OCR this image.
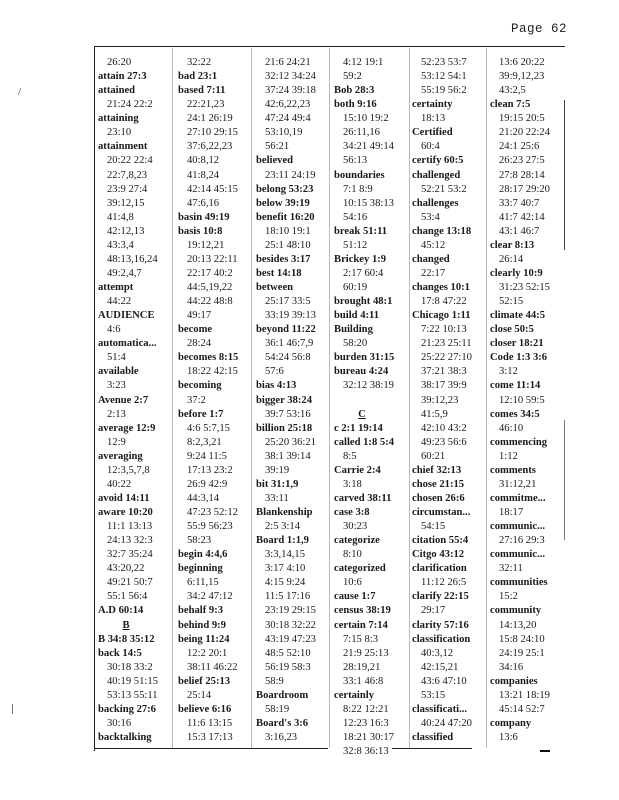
Page 62
/
26:20
attain 27:3
attained
21:24 22:2
attaining
23:10
attainment
20:22 22:4
22:7,8,23
23:9 27:4
39:12,15
41:4,8
42:12,13
43:3,4
48:13,16,24
49:2,4,7
attempt
44:22
AUDIENCE
4:6
automatica...
51:4
available
3:23
Avenue 2:7
2:13
average 12:9
12:9
averaging
12:3,5,7,8
40:22
avoid 14:11
aware 10:20
11:1 13:13
24:13 32:3
32:7 35:24
43:20,22
49:21 50:7
55:1 56:4
A.D 60:14
B
B 34:8 35:12
back 14:5
30:18 33:2
40:19 51:15
53:13 55:11
backing 27:6
30:16
backtalking
32:22
bad 23:1
based 7:11
22:21,23
24:1 26:19
27:10 29:15
37:6,22,23
40:8,12
41:8,24
42:14 45:15
47:6,16
basin 49:19
basis 10:8
19:12,21
20:13 22:11
22:17 40:2
44:5,19,22
44:22 48:8
49:17
become
28:24
becomes 8:15
18:22 42:15
becoming
37:2
before 1:7
4:6 5:7,15
8:2,3,21
9:24 11:5
17:13 23:2
26:9 42:9
44:3,14
47:23 52:12
55:9 56:23
58:23
begin 4:4,6
beginning
6:11,15
34:2 47:12
behalf 9:3
behind 9:9
being 11:24
12:2 20:1
38:11 46:22
belief 25:13
25:14
believe 6:16
11:6 13:15
15:3 17:13
21:6 24:21
32:12 34:24
37:24 39:18
42:6,22,23
47:24 49:4
53:10,19
56:21
believed
23:11 24:19
belong 53:23
below 39:19
benefit 16:20
18:10 19:1
25:1 48:10
besides 3:17
best 14:18
between
25:17 33:5
33:19 39:13
beyond 11:22
36:1 46:7,9
54:24 56:8
57:6
bias 4:13
bigger 38:24
39:7 53:16
billion 25:18
25:20 36:21
38:1 39:14
39:19
bit 31:1,9
33:11
Blankenship
2:5 3:14
Board 1:1,9
3:3,14,15
3:17 4:10
4:15 9:24
11:5 17:16
23:19 29:15
30:18 32:22
43:19 47:23
48:5 52:10
56:19 58:3
58:9
Boardroom
58:19
Board's 3:6
3:16,23
4:12 19:1
59:2
Bob 28:3
both 9:16
15:10 19:2
26:11,16
34:21 49:14
56:13
boundaries
7:1 8:9
10:15 38:13
54:16
break 51:11
51:12
Brickey 1:9
2:17 60:4
60:19
brought 48:1
build 4:11
Building
58:20
burden 31:15
bureau 4:24
32:12 38:19
C
c 2:1 19:14
called 1:8 5:4
8:5
Carrie 2:4
3:18
carved 38:11
case 3:8
30:23
categorize
8:10
categorized
10:6
cause 1:7
census 38:19
certain 7:14
7:15 8:3
21:9 25:13
28:19,21
33:1 46:8
certainly
8:22 12:21
12:23 16:3
18:21 30:17
32:8 36:13
52:23 53:7
53:12 54:1
55:19 56:2
certainty
18:13
Certified
60:4
certify 60:5
challenged
52:21 53:2
challenges
53:4
change 13:18
45:12
changed
22:17
changes 10:1
17:8 47:22
Chicago 1:11
7:22 10:13
21:23 25:11
25:22 27:10
37:21 38:3
38:17 39:9
39:12,23
41:5,9
42:10 43:2
49:23 56:6
60:21
chief 32:13
chose 21:15
chosen 26:6
circumstan...
54:15
citation 55:4
Citgo 43:12
clarification
11:12 26:5
clarify 22:15
29:17
clarity 57:16
classification
40:3,12
42:15,21
43:6 47:10
53:15
classificati...
40:24 47:20
classified
13:6 20:22
39:9,12,23
43:2,5
clean 7:5
19:15 20:5
21:20 22:24
24:1 25:6
26:23 27:5
27:8 28:14
28:17 29:20
33:7 40:7
41:7 42:14
43:1 46:7
clear 8:13
26:14
clearly 10:9
31:23 52:15
52:15
climate 44:5
close 50:5
closer 18:21
Code 1:3 3:6
3:12
come 11:14
12:10 59:5
comes 34:5
46:10
commencing
1:12
comments
31:12,21
commitme...
18:17
communic...
27:16 29:3
communic...
32:11
communities
15:2
community
14:13,20
15:8 24:10
24:19 25:1
34:16
companies
13:21 18:19
45:14 52:7
company
13:6
